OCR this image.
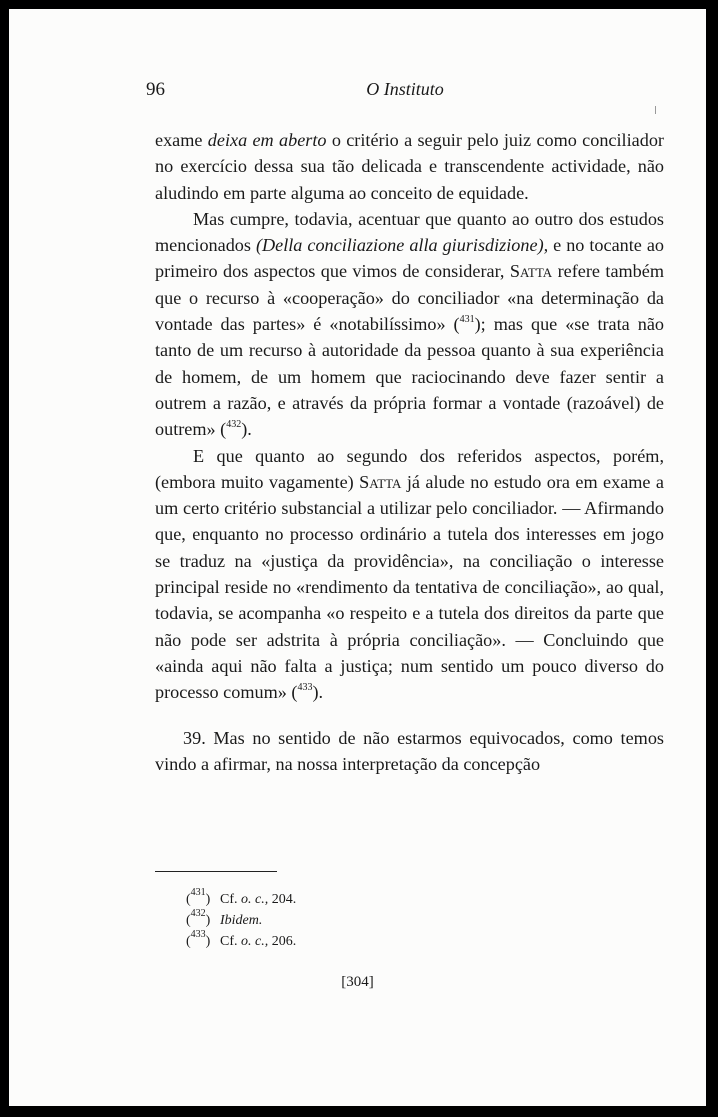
96	O Instituto

exame deixa em aberto o critério a seguir pelo juiz como conciliador no exercício dessa sua tão delicada e transcendente actividade, não aludindo em parte alguma ao conceito de equidade.

Mas cumpre, todavia, acentuar que quanto ao outro dos estudos mencionados (Della conciliazione alla giurisdizione), e no tocante ao primeiro dos aspectos que vimos de considerar, Satta refere também que o recurso à «cooperação» do conciliador «na determinação da vontade das partes» é «notabilíssimo» ($^{431}$); mas que «se trata não tanto de um recurso à autoridade da pessoa quanto à sua experiência de homem, de um homem que raciocinando deve fazer sentir a outrem a razão, e através da própria formar a vontade (razoável) de outrem» ($^{432}$).

E que quanto ao segundo dos referidos aspectos, porém, (embora muito vagamente) Satta já alude no estudo ora em exame a um certo critério substancial a utilizar pelo conciliador. — Afirmando que, enquanto no processo ordinário a tutela dos interesses em jogo se traduz na «justiça da providência», na conciliação o interesse principal reside no «rendimento da tentativa de conciliação», ao qual, todavia, se acompanha «o respeito e a tutela dos direitos da parte que não pode ser adstrita à própria conciliação». — Concluindo que «ainda aqui não falta a justiça; num sentido um pouco diverso do processo comum» ($^{433}$).

39. Mas no sentido de não estarmos equivocados, como temos vindo a afirmar, na nossa interpretação da concepção

($^{431}$) Cf. o. c., 204.
($^{432}$) Ibidem.
($^{433}$) Cf. o. c., 206.
[304]
